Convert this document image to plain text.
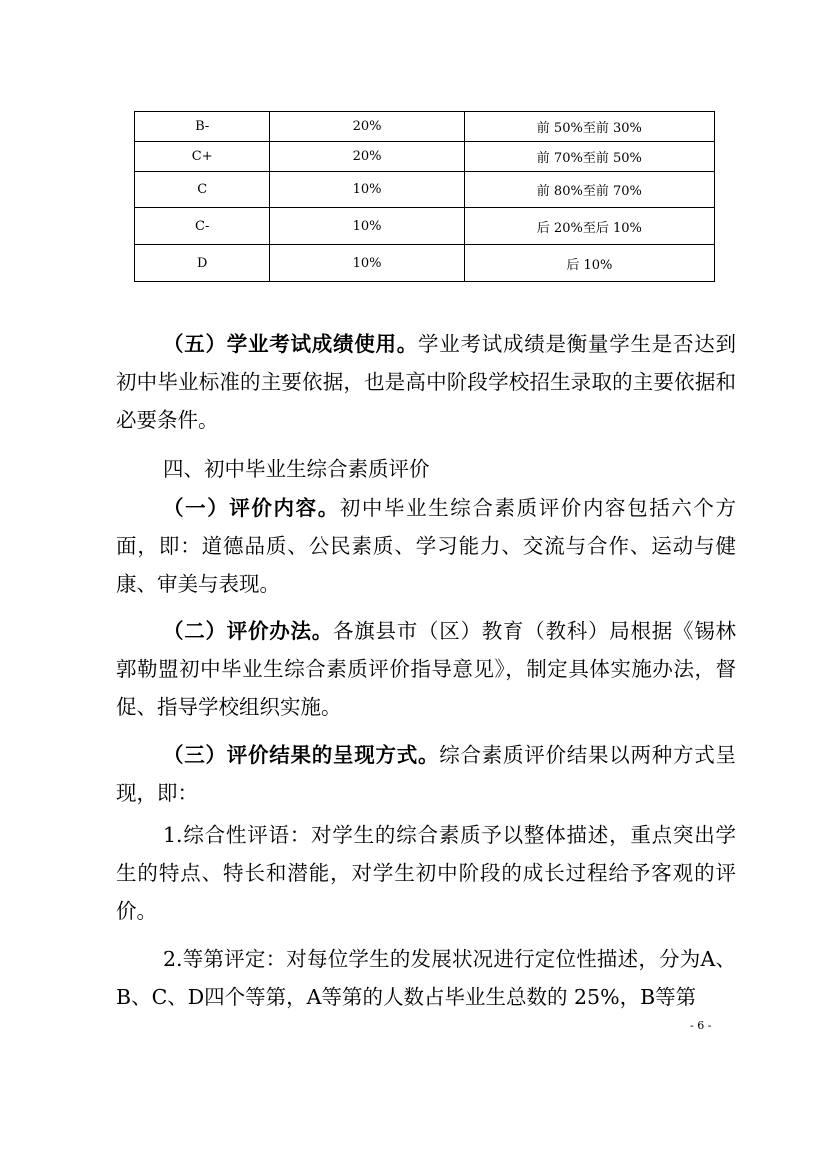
B-	20%	前 50%至前 30%
C+	20%	前 70%至前 50%
C	10%	前 80%至前 70%
C-	10%	后 20%至后 10%
D	10%	后 10%

（五）学业考试成绩使用。学业考试成绩是衡量学生是否达到初中毕业标准的主要依据，也是高中阶段学校招生录取的主要依据和必要条件。

四、初中毕业生综合素质评价

（一）评价内容。初中毕业生综合素质评价内容包括六个方面，即：道德品质、公民素质、学习能力、交流与合作、运动与健康、审美与表现。

（二）评价办法。各旗县市（区）教育（教科）局根据《锡林郭勒盟初中毕业生综合素质评价指导意见》，制定具体实施办法，督促、指导学校组织实施。

（三）评价结果的呈现方式。综合素质评价结果以两种方式呈现，即：

1.综合性评语：对学生的综合素质予以整体描述，重点突出学生的特点、特长和潜能，对学生初中阶段的成长过程给予客观的评价。

2.等第评定：对每位学生的发展状况进行定位性描述，分为A、B、C、D四个等第，A等第的人数占毕业生总数的 25%，B等第

- 6 -
